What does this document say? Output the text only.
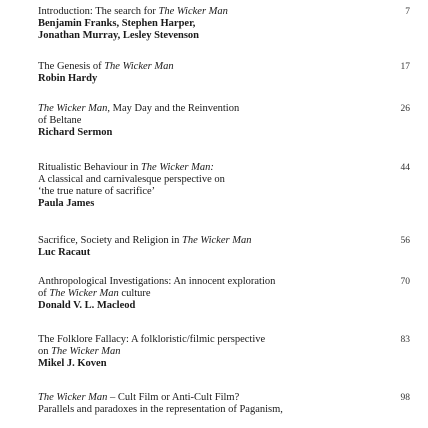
Introduction: The search for The Wicker Man
Benjamin Franks, Stephen Harper,
Jonathan Murray, Lesley Stevenson
7
The Genesis of The Wicker Man
Robin Hardy
17
The Wicker Man, May Day and the Reinvention
of Beltane
Richard Sermon
26
Ritualistic Behaviour in The Wicker Man:
A classical and carnivalesque perspective on
‘the true nature of sacrifice’
Paula James
44
Sacrifice, Society and Religion in The Wicker Man
Luc Racaut
56
Anthropological Investigations: An innocent exploration
of The Wicker Man culture
Donald V. L. Macleod
70
The Folklore Fallacy: A folkloristic/filmic perspective
on The Wicker Man
Mikel J. Koven
83
The Wicker Man – Cult Film or Anti-Cult Film?
Parallels and paradoxes in the representation of Paganism,
98
